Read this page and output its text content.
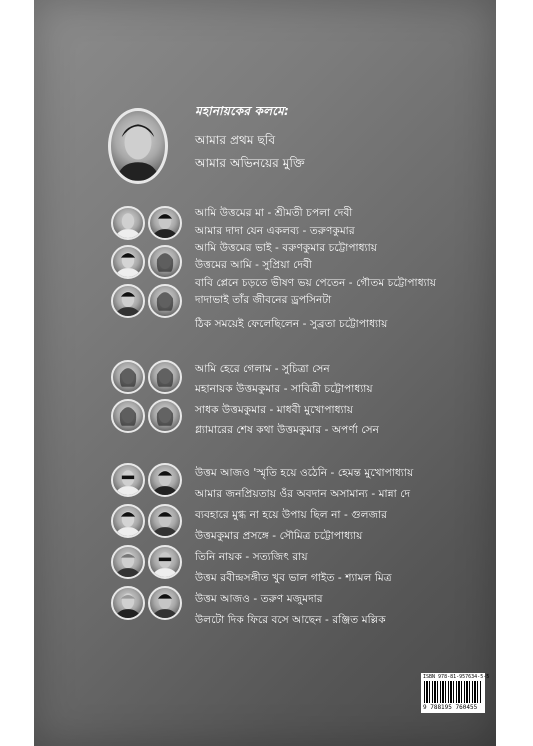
মহানায়কের কলমে:
আমার প্রথম ছবি
আমার অভিনয়ের মুক্তি
আমি উত্তমের মা - শ্রীমতী চপলা দেবী
আমার দাদা যেন একলব্য - তরুণকুমার
আমি উত্তমের ভাই - বরুণকুমার চট্টোপাধ্যায়
উত্তমের আমি - সুপ্রিয়া দেবী
বাবি প্লেনে চড়তে ভীষণ ভয় পেতেন - গৌতম চট্টোপাধ্যায়
দাদাভাই তাঁর জীবনের ড্রপসিনটা
ঠিক সময়েই ফেলেছিলেন - সুব্রতা চট্টোপাধ্যায়
আমি হেরে গেলাম - সুচিত্রা সেন
মহানায়ক উত্তমকুমার - সাবিত্রী চট্টোপাধ্যায়
সাধক উত্তমকুমার - মাধবী মুখোপাধ্যায়
গ্ল্যামারের শেষ কথা উত্তমকুমার - অপর্ণা সেন
উত্তম আজও 'স্মৃতি হয়ে ওঠেনি - হেমন্ত মুখোপাধ্যায়
আমার জনপ্রিয়তায় ওঁর অবদান অসামান্য - মান্না দে
ব্যবহারে মুগ্ধ না হয়ে উপায় ছিল না - গুলজার
উত্তমকুমার প্রসঙ্গে - সৌমিত্র চট্টোপাধ্যায়
তিনি নায়ক - সত্যজিৎ রায়
উত্তম রবীন্দ্রসঙ্গীত খুব ভাল গাইত - শ্যামল মিত্র
উত্তম আজও - তরুণ মজুমদার
উলটো দিক ফিরে বসে আছেন - রঞ্জিত মল্লিক
ISBN 978-81-957634-5-5
9 788195 760455
